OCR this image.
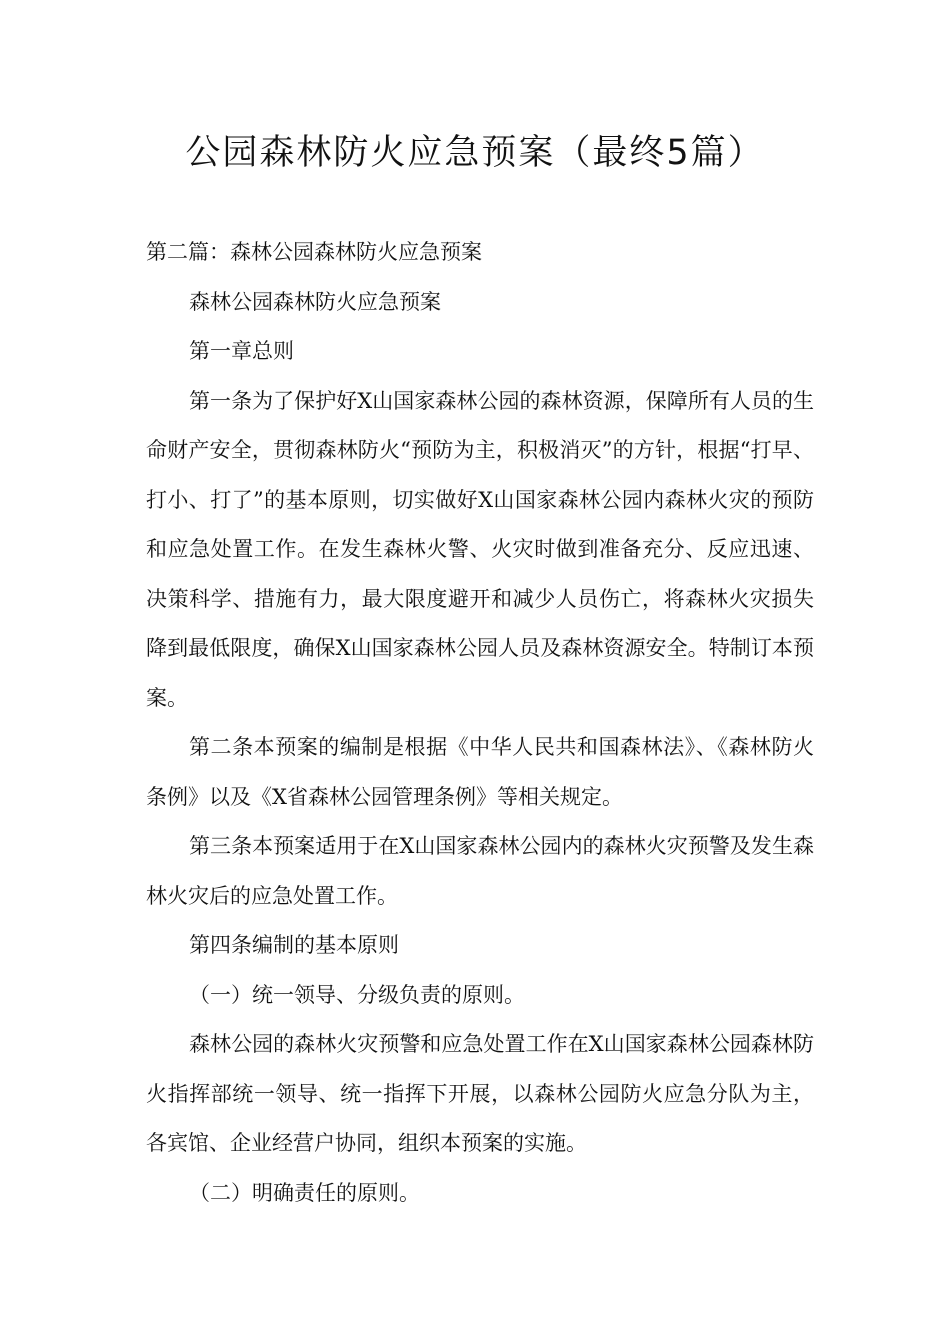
公园森林防火应急预案（最终5篇）

第二篇：森林公园森林防火应急预案

森林公园森林防火应急预案

第一章总则

第一条为了保护好X山国家森林公园的森林资源，保障所有人员的生命财产安全，贯彻森林防火“预防为主，积极消灭”的方针，根据“打早、打小、打了”的基本原则，切实做好X山国家森林公园内森林火灾的预防和应急处置工作。在发生森林火警、火灾时做到准备充分、反应迅速、决策科学、措施有力，最大限度避开和减少人员伤亡，将森林火灾损失降到最低限度，确保X山国家森林公园人员及森林资源安全。特制订本预案。

第二条本预案的编制是根据《中华人民共和国森林法》、《森林防火条例》以及《X省森林公园管理条例》等相关规定。

第三条本预案适用于在X山国家森林公园内的森林火灾预警及发生森林火灾后的应急处置工作。

第四条编制的基本原则

（一）统一领导、分级负责的原则。

森林公园的森林火灾预警和应急处置工作在X山国家森林公园森林防火指挥部统一领导、统一指挥下开展，以森林公园防火应急分队为主，各宾馆、企业经营户协同，组织本预案的实施。

（二）明确责任的原则。
